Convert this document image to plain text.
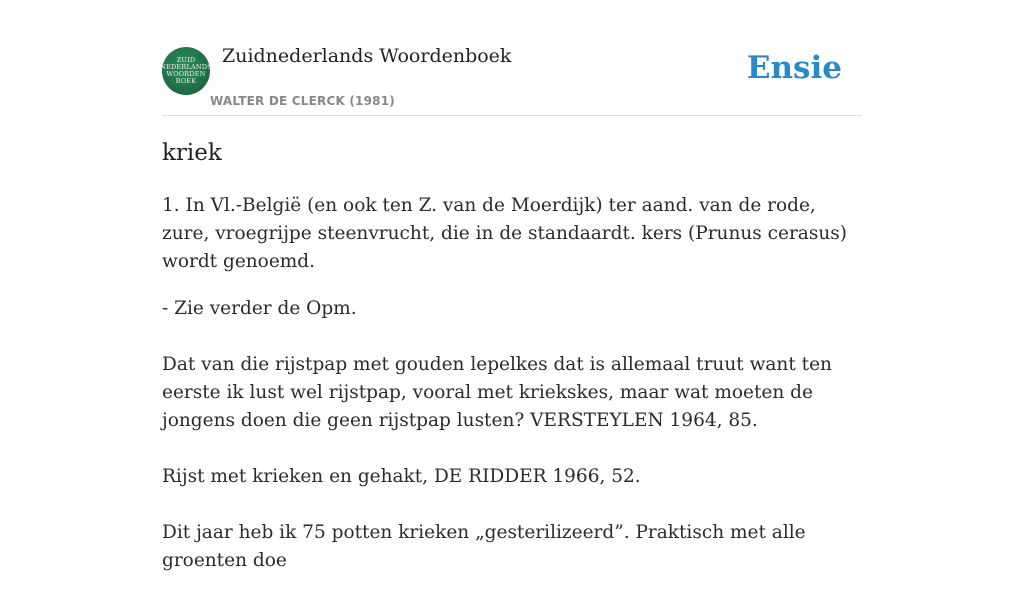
ZUID
NEDERLANDS
WOORDEN
BOEK
Zuidnederlands Woordenboek
WALTER DE CLERCK (1981)
Ensie
kriek

1. In Vl.-België (en ook ten Z. van de Moerdijk) ter aand. van de rode, zure, vroegrijpe steenvrucht, die in de standaardt. kers (Prunus cerasus) wordt genoemd.

- Zie verder de Opm.

Dat van die rijstpap met gouden lepelkes dat is allemaal truut want ten eerste ik lust wel rijstpap, vooral met kriekskes, maar wat moeten de jongens doen die geen rijstpap lusten? VERSTEYLEN 1964, 85.

Rijst met krieken en gehakt, DE RIDDER 1966, 52.

Dit jaar heb ik 75 potten krieken „gesterilizeerd”. Praktisch met alle groenten doe
